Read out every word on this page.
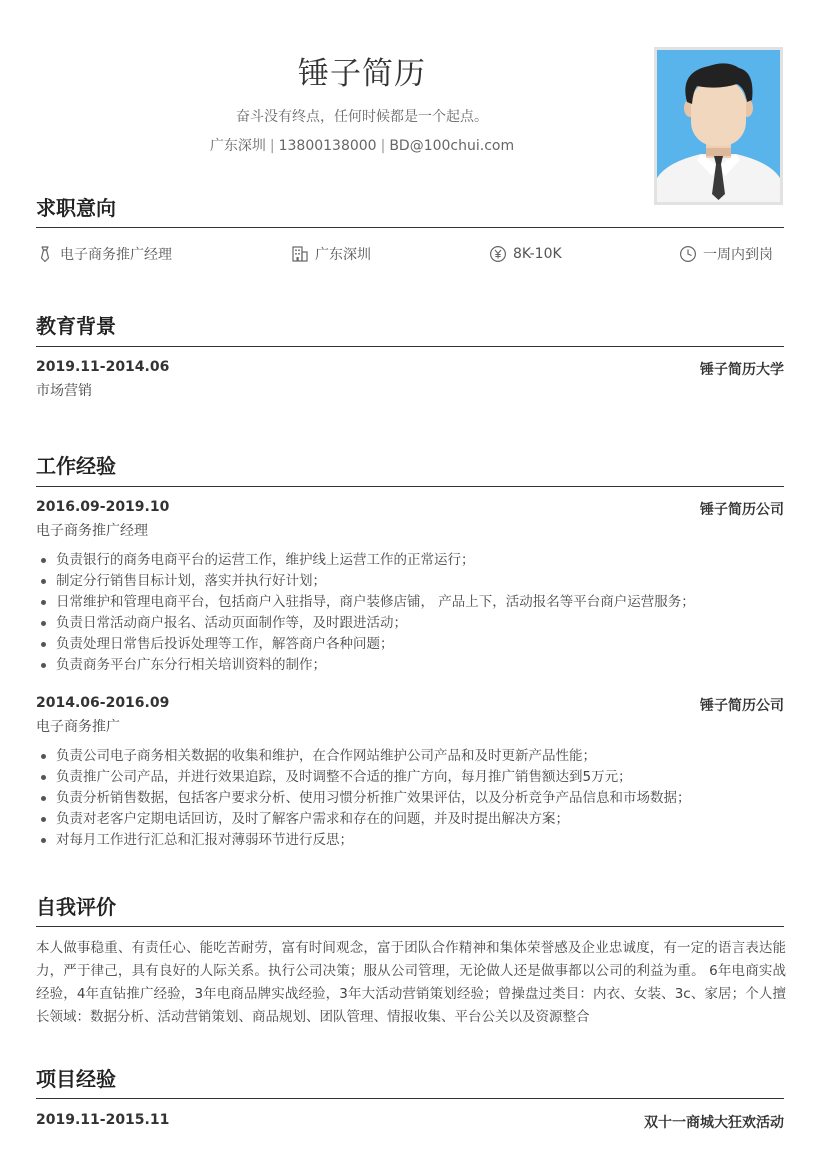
锤子简历
奋斗没有终点，任何时候都是一个起点。
广东深圳 | 13800138000 | BD@100chui.com
求职意向
电子商务推广经理	广东深圳	8K-10K	一周内到岗
教育背景
2019.11-2014.06	锤子简历大学
市场营销
工作经验
2016.09-2019.10	锤子简历公司
电子商务推广经理
负责银行的商务电商平台的运营工作，维护线上运营工作的正常运行；
制定分行销售目标计划，落实并执行好计划；
日常维护和管理电商平台，包括商户入驻指导，商户装修店铺， 产品上下，活动报名等平台商户运营服务；
负责日常活动商户报名、活动页面制作等，及时跟进活动；
负责处理日常售后投诉处理等工作，解答商户各种问题；
负责商务平台广东分行相关培训资料的制作；
2014.06-2016.09	锤子简历公司
电子商务推广
负责公司电子商务相关数据的收集和维护，在合作网站维护公司产品和及时更新产品性能；
负责推广公司产品，并进行效果追踪，及时调整不合适的推广方向，每月推广销售额达到5万元；
负责分析销售数据，包括客户要求分析、使用习惯分析推广效果评估，以及分析竞争产品信息和市场数据；
负责对老客户定期电话回访，及时了解客户需求和存在的问题，并及时提出解决方案；
对每月工作进行汇总和汇报对薄弱环节进行反思；
自我评价
本人做事稳重、有责任心、能吃苦耐劳，富有时间观念，富于团队合作精神和集体荣誉感及企业忠诚度，有一定的语言表达能力，严于律己，具有良好的人际关系。执行公司决策；服从公司管理，无论做人还是做事都以公司的利益为重。 6年电商实战经验，4年直钻推广经验，3年电商品牌实战经验，3年大活动营销策划经验；曾操盘过类目：内衣、女装、3c、家居；个人擅长领域：数据分析、活动营销策划、商品规划、团队管理、情报收集、平台公关以及资源整合
项目经验
2019.11-2015.11	双十一商城大狂欢活动
